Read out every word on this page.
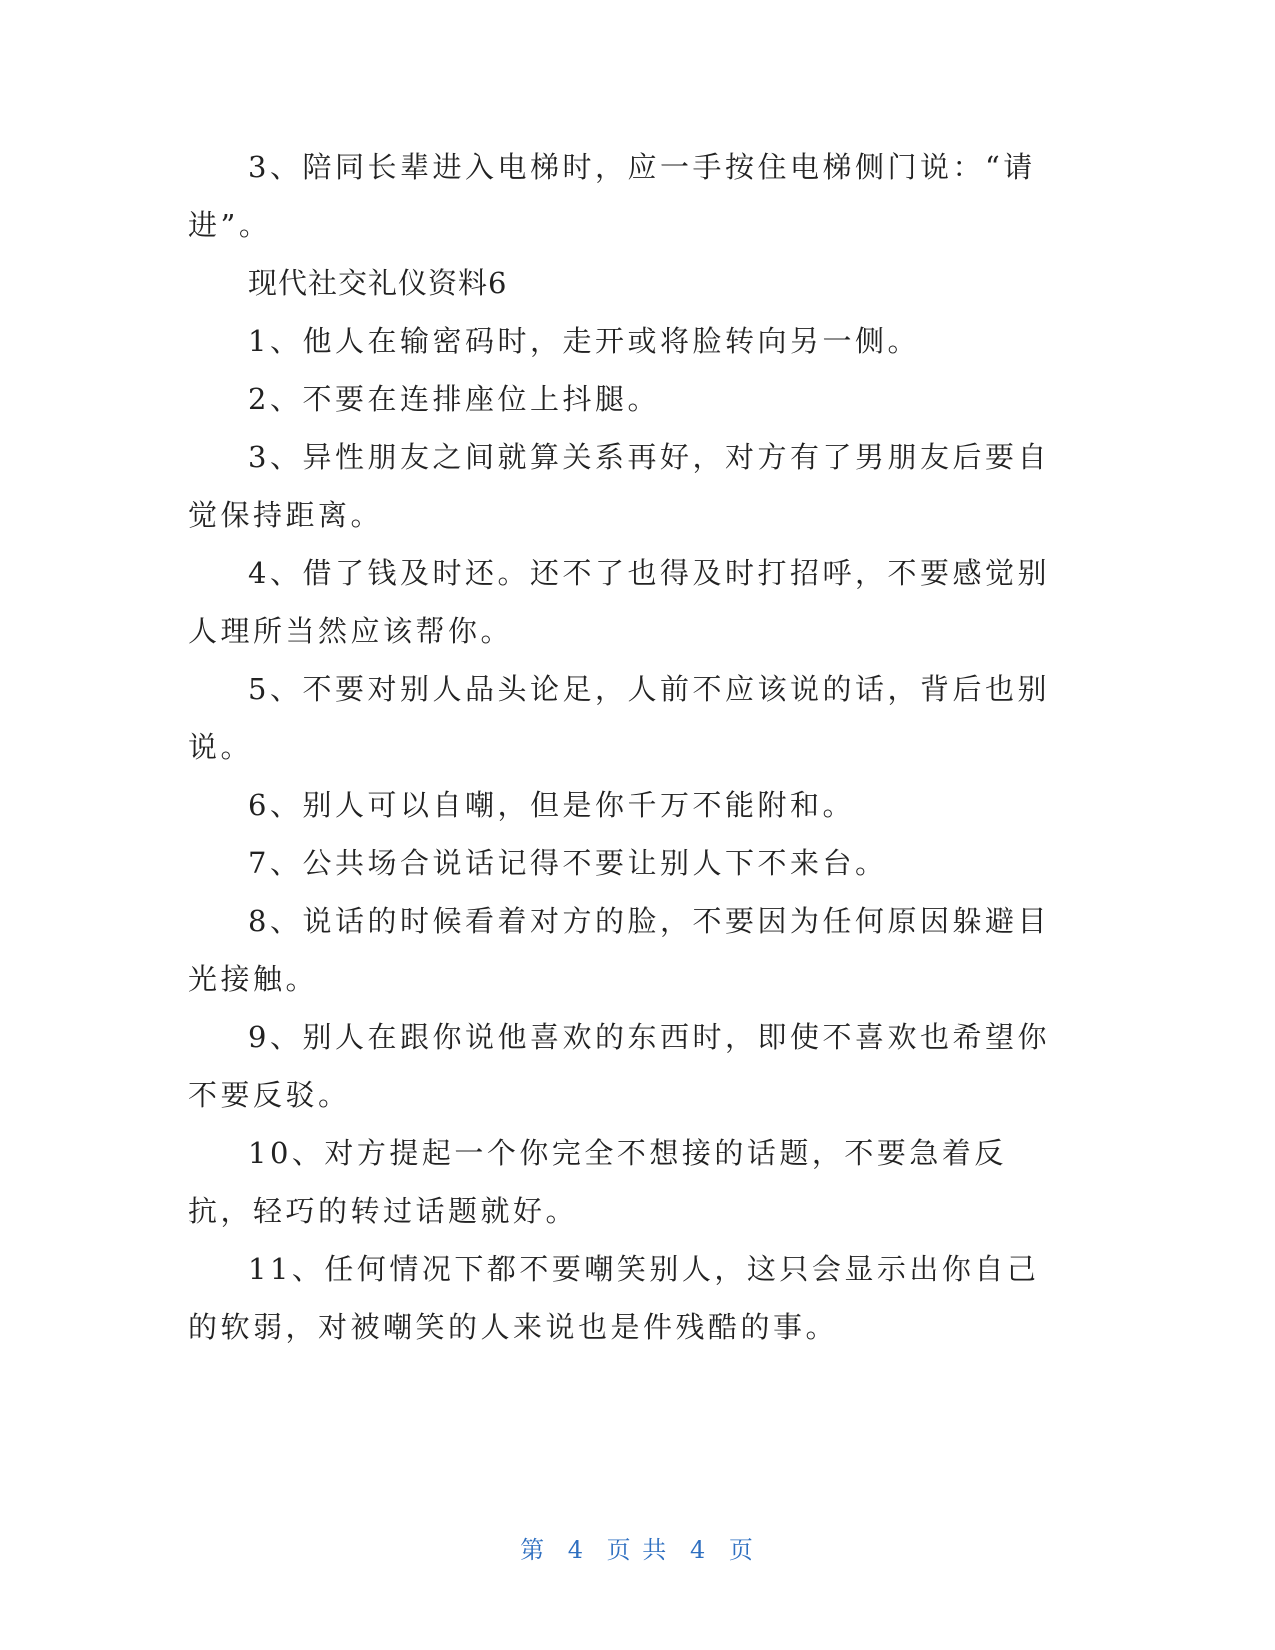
3、陪同长辈进入电梯时，应一手按住电梯侧门说：“请进”。

现代社交礼仪资料6

1、他人在输密码时，走开或将脸转向另一侧。

2、不要在连排座位上抖腿。

3、异性朋友之间就算关系再好，对方有了男朋友后要自觉保持距离。

4、借了钱及时还。还不了也得及时打招呼，不要感觉别人理所当然应该帮你。

5、不要对别人品头论足，人前不应该说的话，背后也别说。

6、别人可以自嘲，但是你千万不能附和。

7、公共场合说话记得不要让别人下不来台。

8、说话的时候看着对方的脸，不要因为任何原因躲避目光接触。

9、别人在跟你说他喜欢的东西时，即使不喜欢也希望你不要反驳。

10、对方提起一个你完全不想接的话题，不要急着反抗，轻巧的转过话题就好。

11、任何情况下都不要嘲笑别人，这只会显示出你自己的软弱，对被嘲笑的人来说也是件残酷的事。

第 4 页 共 4 页
